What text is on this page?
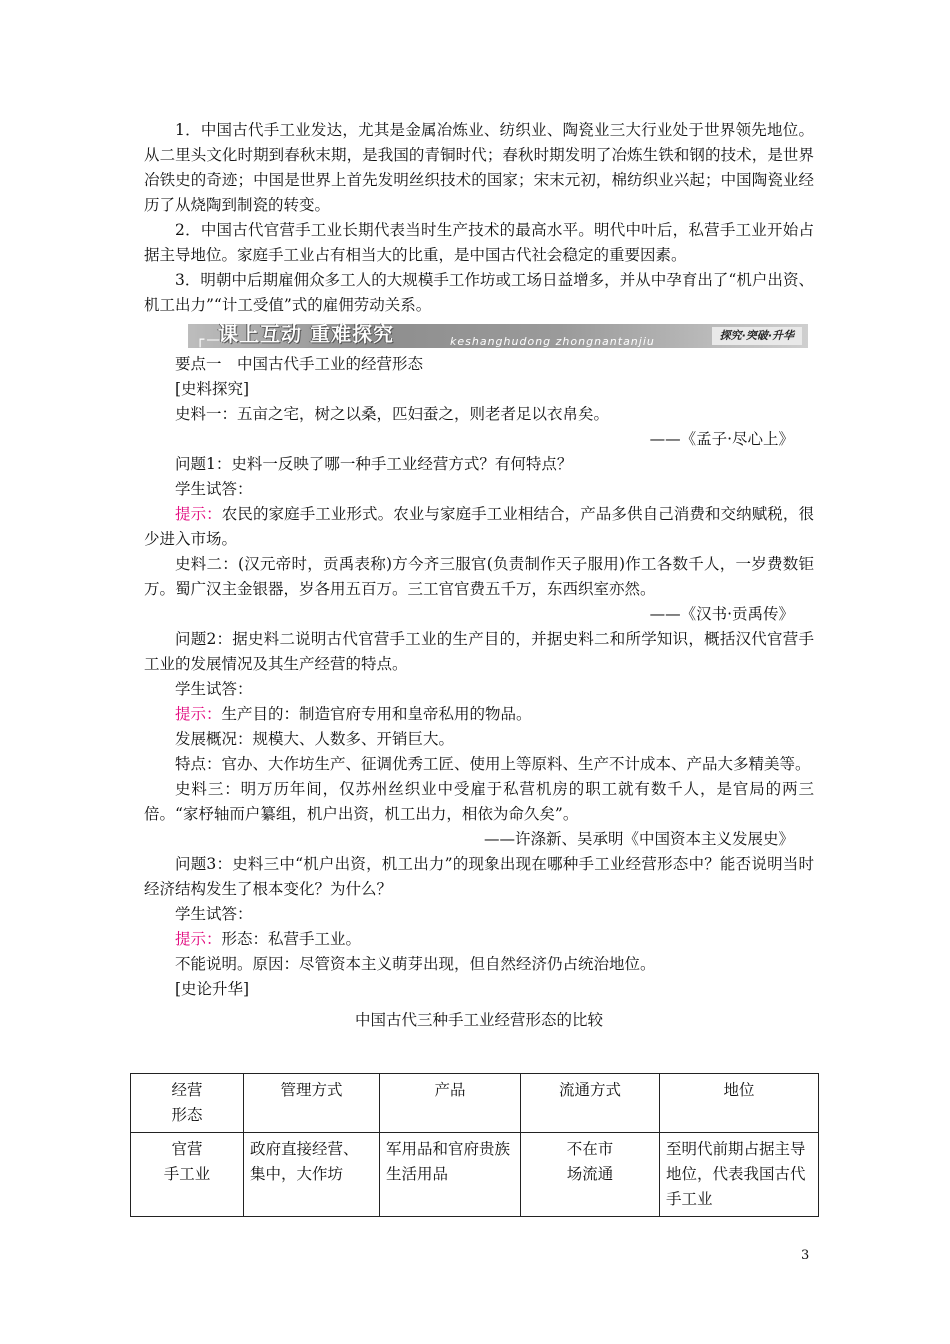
1．中国古代手工业发达，尤其是金属冶炼业、纺织业、陶瓷业三大行业处于世界领先地位。从二里头文化时期到春秋末期，是我国的青铜时代；春秋时期发明了冶炼生铁和钢的技术，是世界冶铁史的奇迹；中国是世界上首先发明丝织技术的国家；宋末元初，棉纺织业兴起；中国陶瓷业经历了从烧陶到制瓷的转变。

2．中国古代官营手工业长期代表当时生产技术的最高水平。明代中叶后，私营手工业开始占据主导地位。家庭手工业占有相当大的比重，是中国古代社会稳定的重要因素。

3．明朝中后期雇佣众多工人的大规模手工作坊或工场日益增多，并从中孕育出了“机户出资、机工出力”“计工受值”式的雇佣劳动关系。

┌—
课上互动 重难探究	keshanghudong zhongnantanjiu	探究·突破·升华

要点一　中国古代手工业的经营形态

[史料探究]

史料一：五亩之宅，树之以桑，匹妇蚕之，则老者足以衣帛矣。

——《孟子·尽心上》

问题1：史料一反映了哪一种手工业经营方式？有何特点？

学生试答：

提示：农民的家庭手工业形式。农业与家庭手工业相结合，产品多供自己消费和交纳赋税，很少进入市场。

史料二：(汉元帝时，贡禹表称)方今齐三服官(负责制作天子服用)作工各数千人，一岁费数钜万。蜀广汉主金银器，岁各用五百万。三工官官费五千万，东西织室亦然。

——《汉书·贡禹传》

问题2：据史料二说明古代官营手工业的生产目的，并据史料二和所学知识，概括汉代官营手工业的发展情况及其生产经营的特点。

学生试答：

提示：生产目的：制造官府专用和皇帝私用的物品。

发展概况：规模大、人数多、开销巨大。

特点：官办、大作坊生产、征调优秀工匠、使用上等原料、生产不计成本、产品大多精美等。

史料三：明万历年间，仅苏州丝织业中受雇于私营机房的职工就有数千人，是官局的两三倍。“家杼轴而户纂组，机户出资，机工出力，相依为命久矣”。

——许涤新、吴承明《中国资本主义发展史》

问题3：史料三中“机户出资，机工出力”的现象出现在哪种手工业经营形态中？能否说明当时经济结构发生了根本变化？为什么？

学生试答：

提示：形态：私营手工业。

不能说明。原因：尽管资本主义萌芽出现，但自然经济仍占统治地位。

[史论升华]

中国古代三种手工业经营形态的比较

经营
形态	管理方式	产品	流通方式	地位
官营
手工业	政府直接经营、集中，大作坊	军用品和官府贵族生活用品	不在市
场流通	至明代前期占据主导地位，代表我国古代手工业
3
